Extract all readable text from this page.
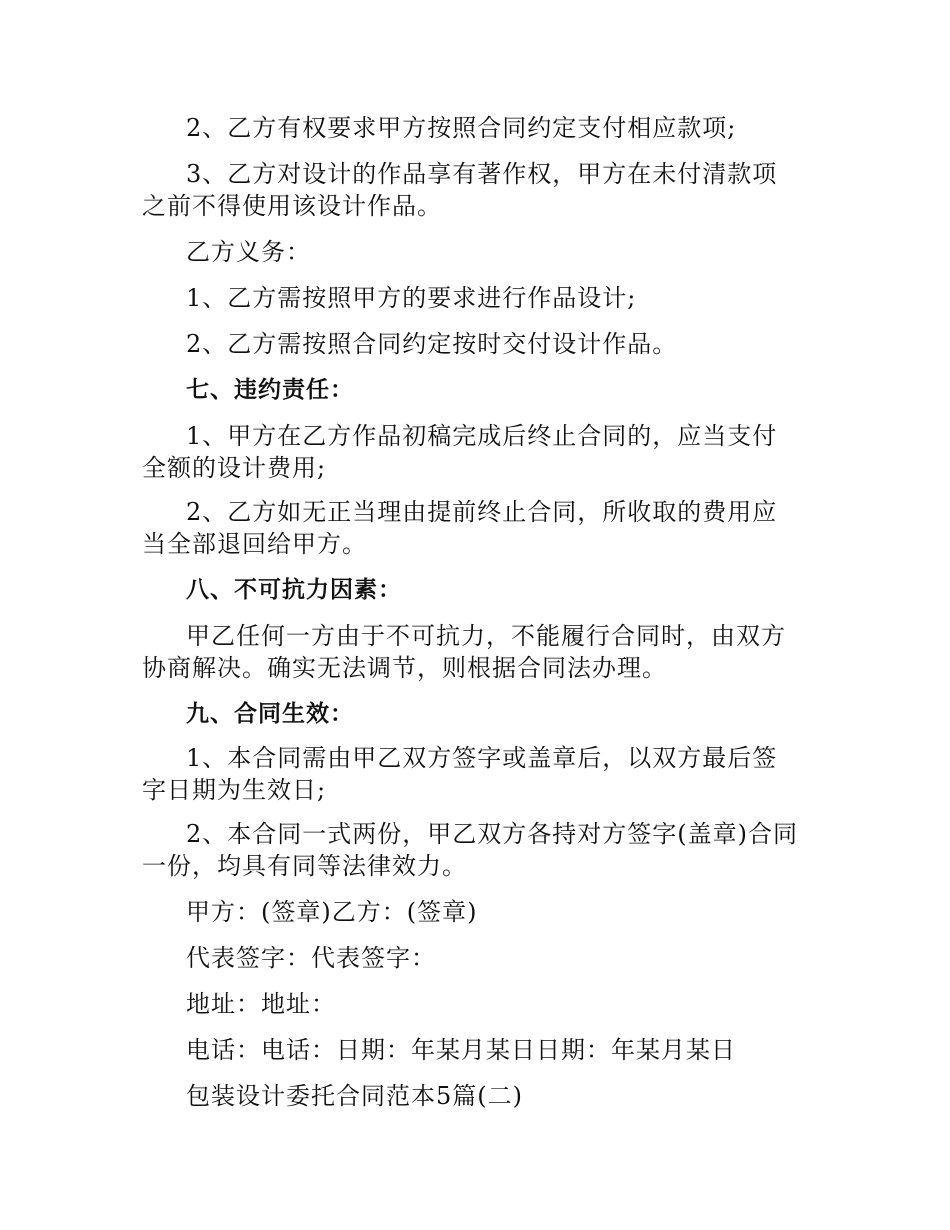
2、乙方有权要求甲方按照合同约定支付相应款项;

3、乙方对设计的作品享有著作权，甲方在未付清款项之前不得使用该设计作品。

乙方义务：

1、乙方需按照甲方的要求进行作品设计;

2、乙方需按照合同约定按时交付设计作品。

七、违约责任：

1、甲方在乙方作品初稿完成后终止合同的，应当支付全额的设计费用;

2、乙方如无正当理由提前终止合同，所收取的费用应当全部退回给甲方。

八、不可抗力因素：

甲乙任何一方由于不可抗力，不能履行合同时，由双方协商解决。确实无法调节，则根据合同法办理。

九、合同生效：

1、本合同需由甲乙双方签字或盖章后，以双方最后签字日期为生效日;

2、本合同一式两份，甲乙双方各持对方签字(盖章)合同一份，均具有同等法律效力。

甲方：(签章)乙方：(签章)

代表签字：代表签字：

地址：地址：

电话：电话：日期：年某月某日日期：年某月某日

包装设计委托合同范本5篇(二)
